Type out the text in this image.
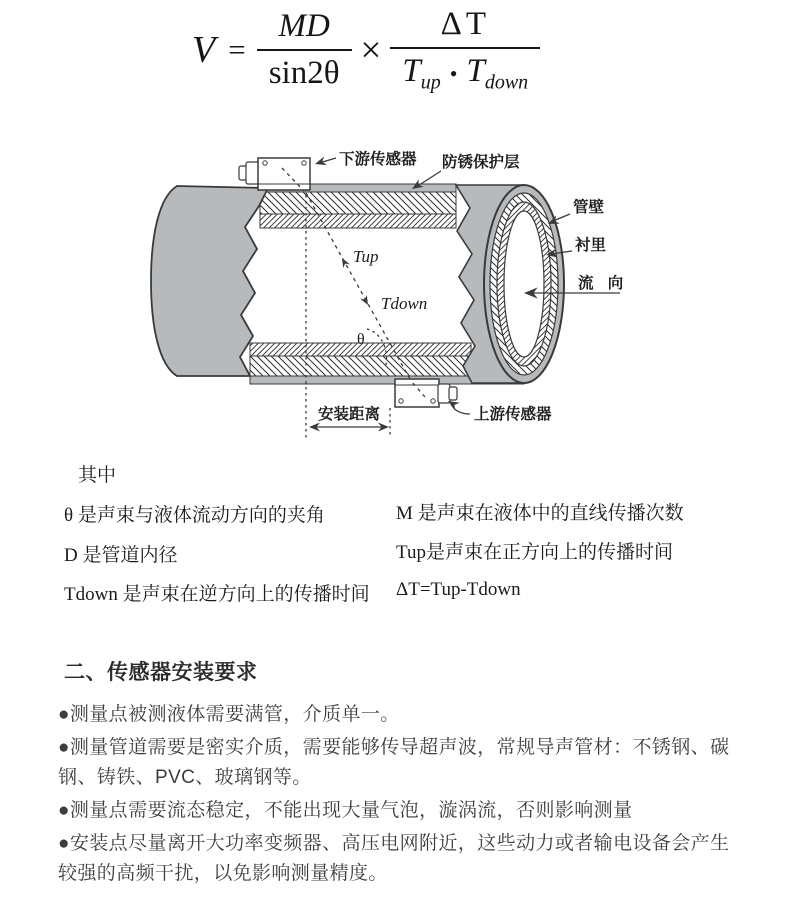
$V = \frac{MD}{\sin 2\theta} \times \frac{\Delta T}{T_{up} • T_{down}}$
Tup
Tdown
θ
安装距离
下游传感器 防锈保护层
管壁
衬里
流 向
上游传感器
其中
θ 是声束与液体流动方向的夹角
D 是管道内径
Tdown 是声束在逆方向上的传播时间
M 是声束在液体中的直线传播次数
Tup是声束在正方向上的传播时间
ΔT=Tup-Tdown
二、传感器安装要求

●测量点被测液体需要满管，介质单一。

●测量管道需要是密实介质，需要能够传导超声波，常规导声管材：不锈钢、碳钢、铸铁、PVC、玻璃钢等。

●测量点需要流态稳定，不能出现大量气泡，漩涡流，否则影响测量

●安装点尽量离开大功率变频器、高压电网附近，这些动力或者输电设备会产生较强的高频干扰，以免影响测量精度。
